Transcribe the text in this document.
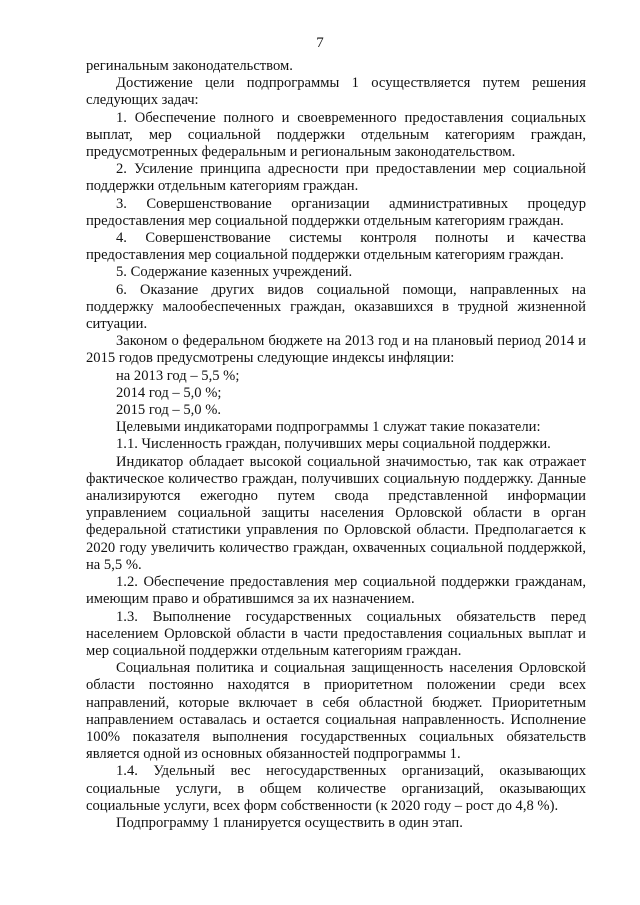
7

регинальным законодательством.

Достижение цели подпрограммы 1 осуществляется путем решения следующих задач:

1. Обеспечение полного и своевременного предоставления социальных выплат, мер социальной поддержки отдельным категориям граждан, предусмотренных федеральным и региональным законодательством.

2. Усиление принципа адресности при предоставлении мер социальной поддержки отдельным категориям граждан.

3. Совершенствование организации административных процедур предоставления мер социальной поддержки отдельным категориям граждан.

4. Совершенствование системы контроля полноты и качества предоставления мер социальной поддержки отдельным категориям граждан.

5. Содержание казенных учреждений.

6. Оказание других видов социальной помощи, направленных на поддержку малообеспеченных граждан, оказавшихся в трудной жизненной ситуации.

Законом о федеральном бюджете на 2013 год и на плановый период 2014 и 2015 годов предусмотрены следующие индексы инфляции:

на 2013 год – 5,5 %;

2014 год – 5,0 %;

2015 год – 5,0 %.

Целевыми индикаторами подпрограммы 1 служат такие показатели:

1.1. Численность граждан, получивших меры социальной поддержки.

Индикатор обладает высокой социальной значимостью, так как отражает фактическое количество граждан, получивших социальную поддержку. Данные анализируются ежегодно путем свода представленной информации управлением социальной защиты населения Орловской области в орган федеральной статистики управления по Орловской области. Предполагается к 2020 году увеличить количество граждан, охваченных социальной поддержкой, на 5,5 %.

1.2. Обеспечение предоставления мер социальной поддержки гражданам, имеющим право и обратившимся за их назначением.

1.3. Выполнение государственных социальных обязательств перед населением Орловской области в части предоставления социальных выплат и мер социальной поддержки отдельным категориям граждан.

Социальная политика и социальная защищенность населения Орловской области постоянно находятся в приоритетном положении среди всех направлений, которые включает в себя областной бюджет. Приоритетным направлением оставалась и остается социальная направленность. Исполнение 100% показателя выполнения государственных социальных обязательств является одной из основных обязанностей подпрограммы 1.

1.4. Удельный вес негосударственных организаций, оказывающих социальные услуги, в общем количестве организаций, оказывающих социальные услуги, всех форм собственности (к 2020 году – рост до 4,8 %).

Подпрограмму 1 планируется осуществить в один этап.
